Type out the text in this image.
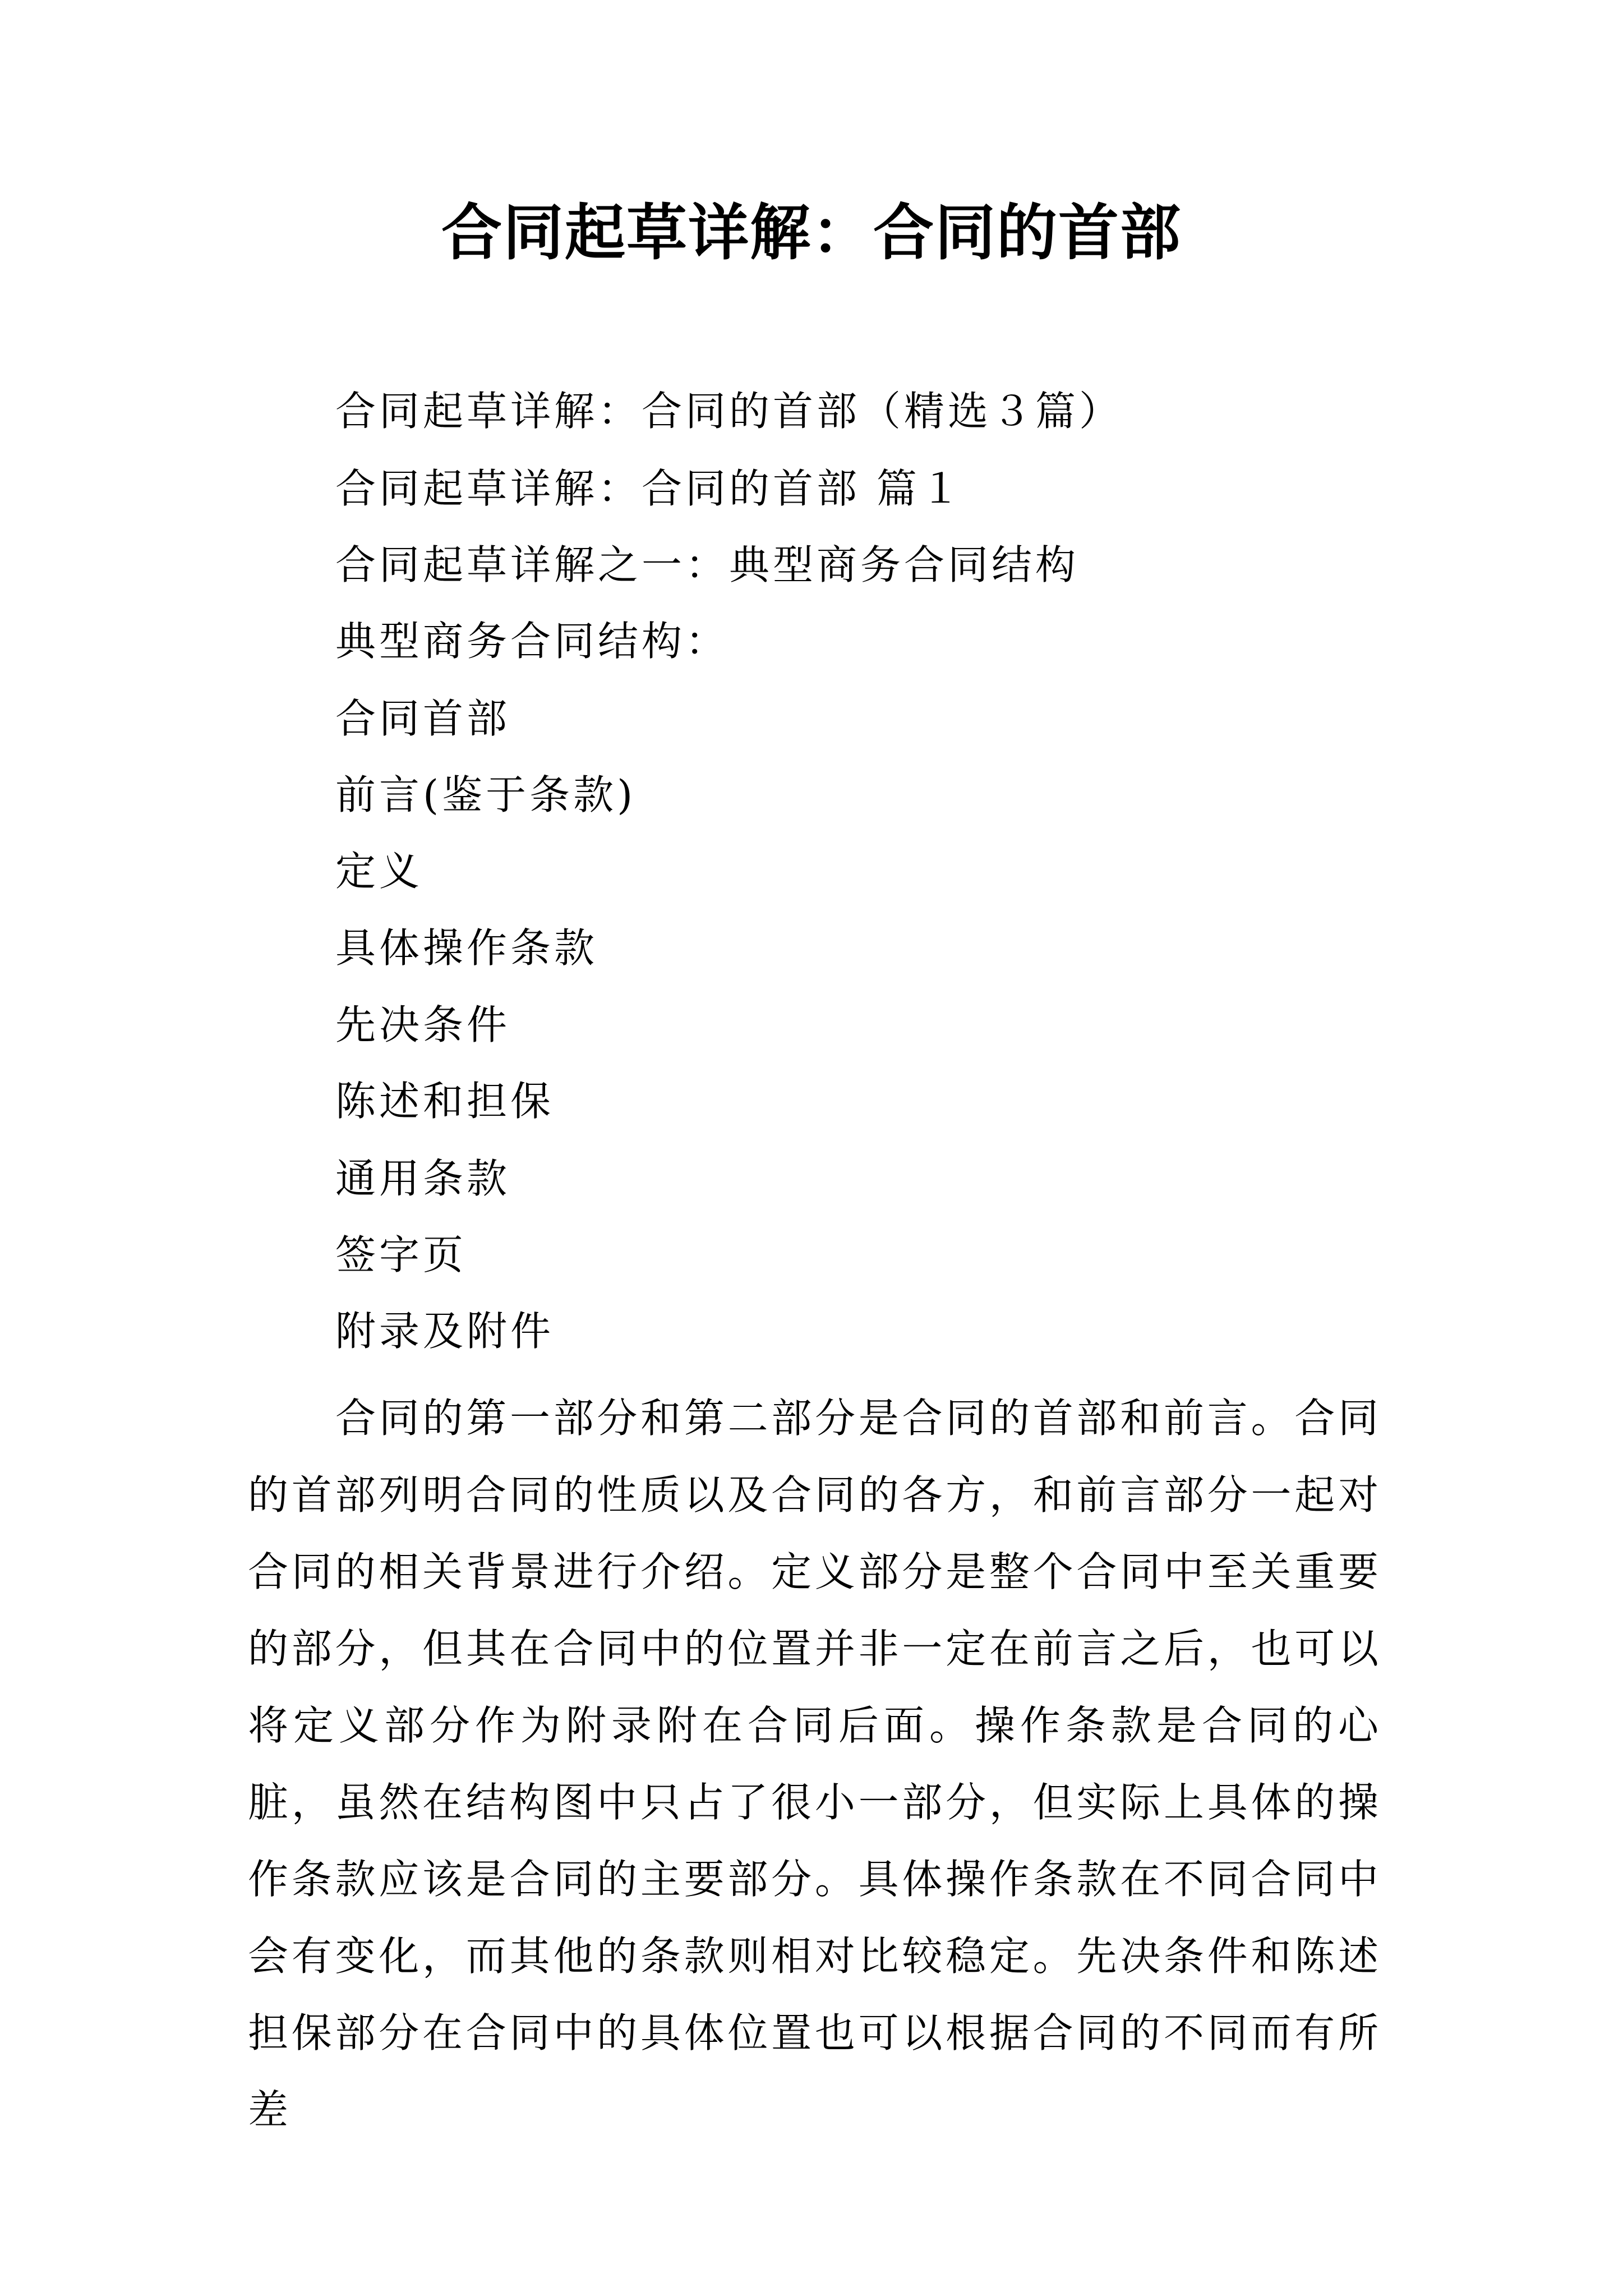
合同起草详解：合同的首部
合同起草详解：合同的首部（精选３篇）
合同起草详解：合同的首部 篇１
合同起草详解之一：典型商务合同结构
典型商务合同结构：
合同首部
前言(鉴于条款)
定义
具体操作条款
先决条件
陈述和担保
通用条款
签字页
附录及附件

合同的第一部分和第二部分是合同的首部和前言。合同的首部列明合同的性质以及合同的各方，和前言部分一起对合同的相关背景进行介绍。定义部分是整个合同中至关重要的部分，但其在合同中的位置并非一定在前言之后，也可以将定义部分作为附录附在合同后面。操作条款是合同的心脏，虽然在结构图中只占了很小一部分，但实际上具体的操作条款应该是合同的主要部分。具体操作条款在不同合同中会有变化，而其他的条款则相对比较稳定。先决条件和陈述担保部分在合同中的具体位置也可以根据合同的不同而有所差
